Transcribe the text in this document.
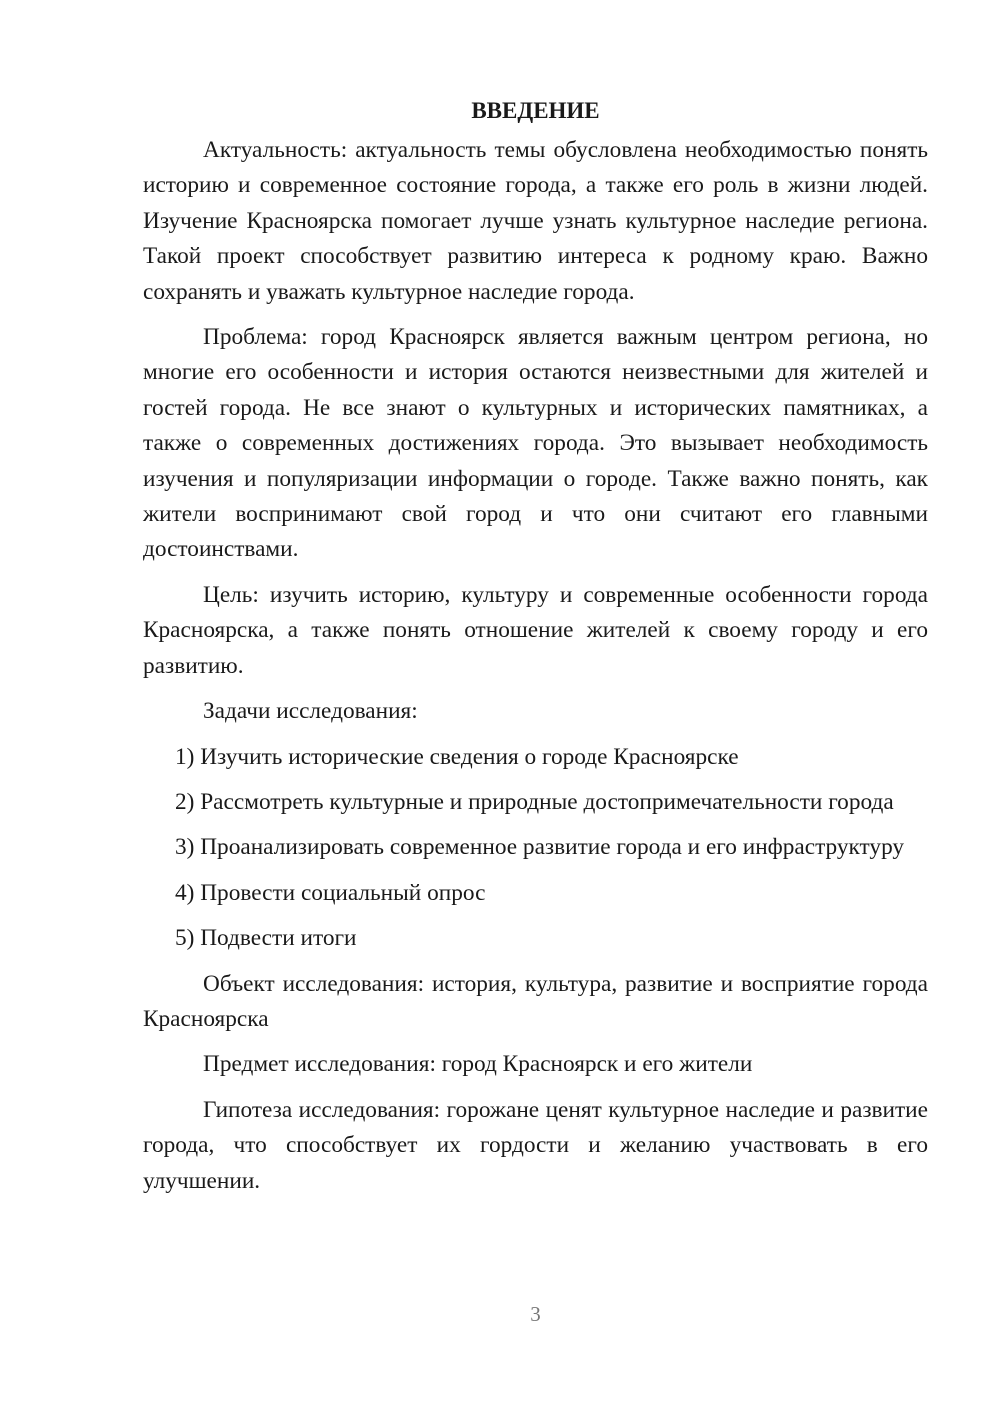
ВВЕДЕНИЕ

Актуальность: актуальность темы обусловлена необходимостью понять историю и современное состояние города, а также его роль в жизни людей. Изучение Красноярска помогает лучше узнать культурное наследие региона. Такой проект способствует развитию интереса к родному краю. Важно сохранять и уважать культурное наследие города.

Проблема: город Красноярск является важным центром региона, но многие его особенности и история остаются неизвестными для жителей и гостей города. Не все знают о культурных и исторических памятниках, а также о современных достижениях города. Это вызывает необходимость изучения и популяризации информации о городе. Также важно понять, как жители воспринимают свой город и что они считают его главными достоинствами.

Цель: изучить историю, культуру и современные особенности города Красноярска, а также понять отношение жителей к своему городу и его развитию.

Задачи исследования:

1) Изучить исторические сведения о городе Красноярске

2) Рассмотреть культурные и природные достопримечательности города

3) Проанализировать современное развитие города и его инфраструктуру

4) Провести социальный опрос

5) Подвести итоги

Объект исследования: история, культура, развитие и восприятие города Красноярска

Предмет исследования: город Красноярск и его жители

Гипотеза исследования: горожане ценят культурное наследие и развитие города, что способствует их гордости и желанию участвовать в его улучшении.

3
